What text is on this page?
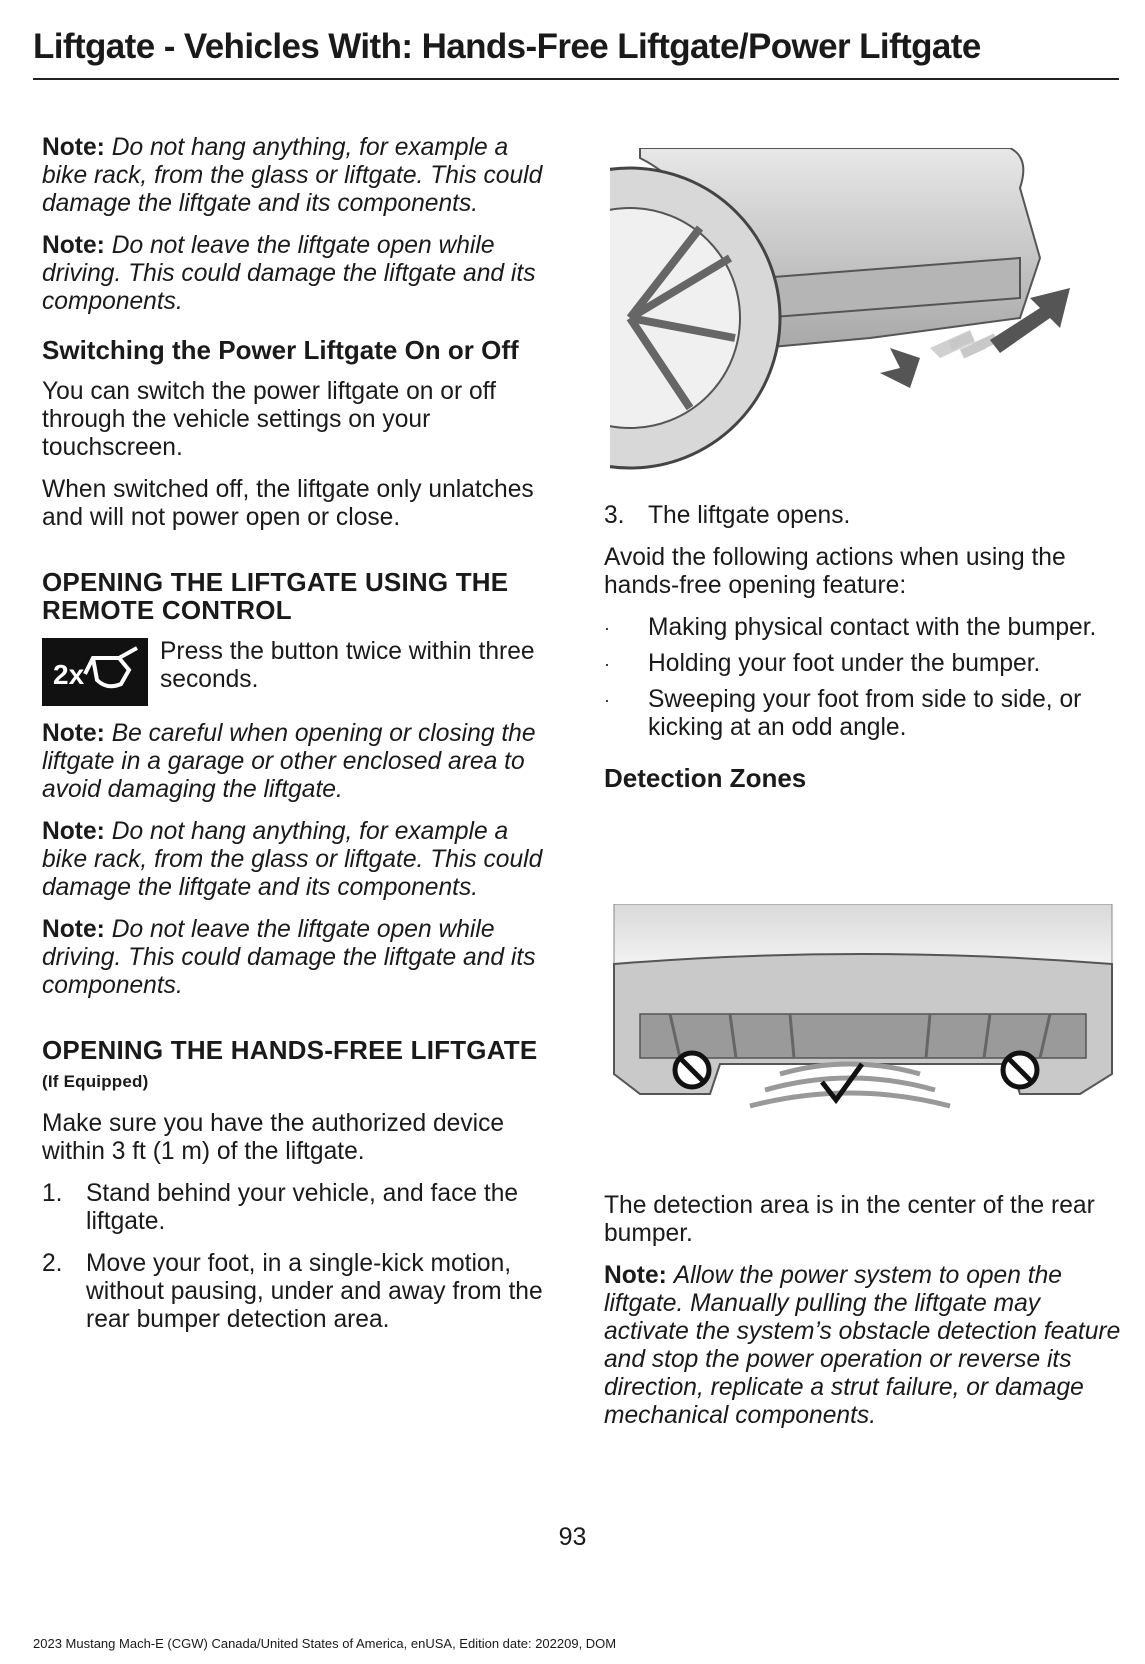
Liftgate - Vehicles With: Hands-Free Liftgate/Power Liftgate

Note: Do not hang anything, for example a bike rack, from the glass or liftgate. This could damage the liftgate and its components.

Note: Do not leave the liftgate open while driving. This could damage the liftgate and its components.

Switching the Power Liftgate On or Off

You can switch the power liftgate on or off through the vehicle settings on your touchscreen.

When switched off, the liftgate only unlatches and will not power open or close.

OPENING THE LIFTGATE USING THE REMOTE CONTROL
2x
Press the button twice within three seconds.

Note: Be careful when opening or closing the liftgate in a garage or other enclosed area to avoid damaging the liftgate.

Note: Do not hang anything, for example a bike rack, from the glass or liftgate. This could damage the liftgate and its components.

Note: Do not leave the liftgate open while driving. This could damage the liftgate and its components.

OPENING THE HANDS-FREE LIFTGATE (If Equipped)

Make sure you have the authorized device within 3 ft (1 m) of the liftgate.

1. Stand behind your vehicle, and face the liftgate.
2. Move your foot, in a single-kick motion, without pausing, under and away from the rear bumper detection area.
3. The liftgate opens.

Avoid the following actions when using the hands-free opening feature:

·	Making physical contact with the bumper.
·	Holding your foot under the bumper.
·	Sweeping your foot from side to side, or kicking at an odd angle.
Detection Zones

The detection area is in the center of the rear bumper.

Note: Allow the power system to open the liftgate. Manually pulling the liftgate may activate the system’s obstacle detection feature and stop the power operation or reverse its direction, replicate a strut failure, or damage mechanical components.

93
2023 Mustang Mach-E (CGW) Canada/United States of America, enUSA, Edition date: 202209, DOM
